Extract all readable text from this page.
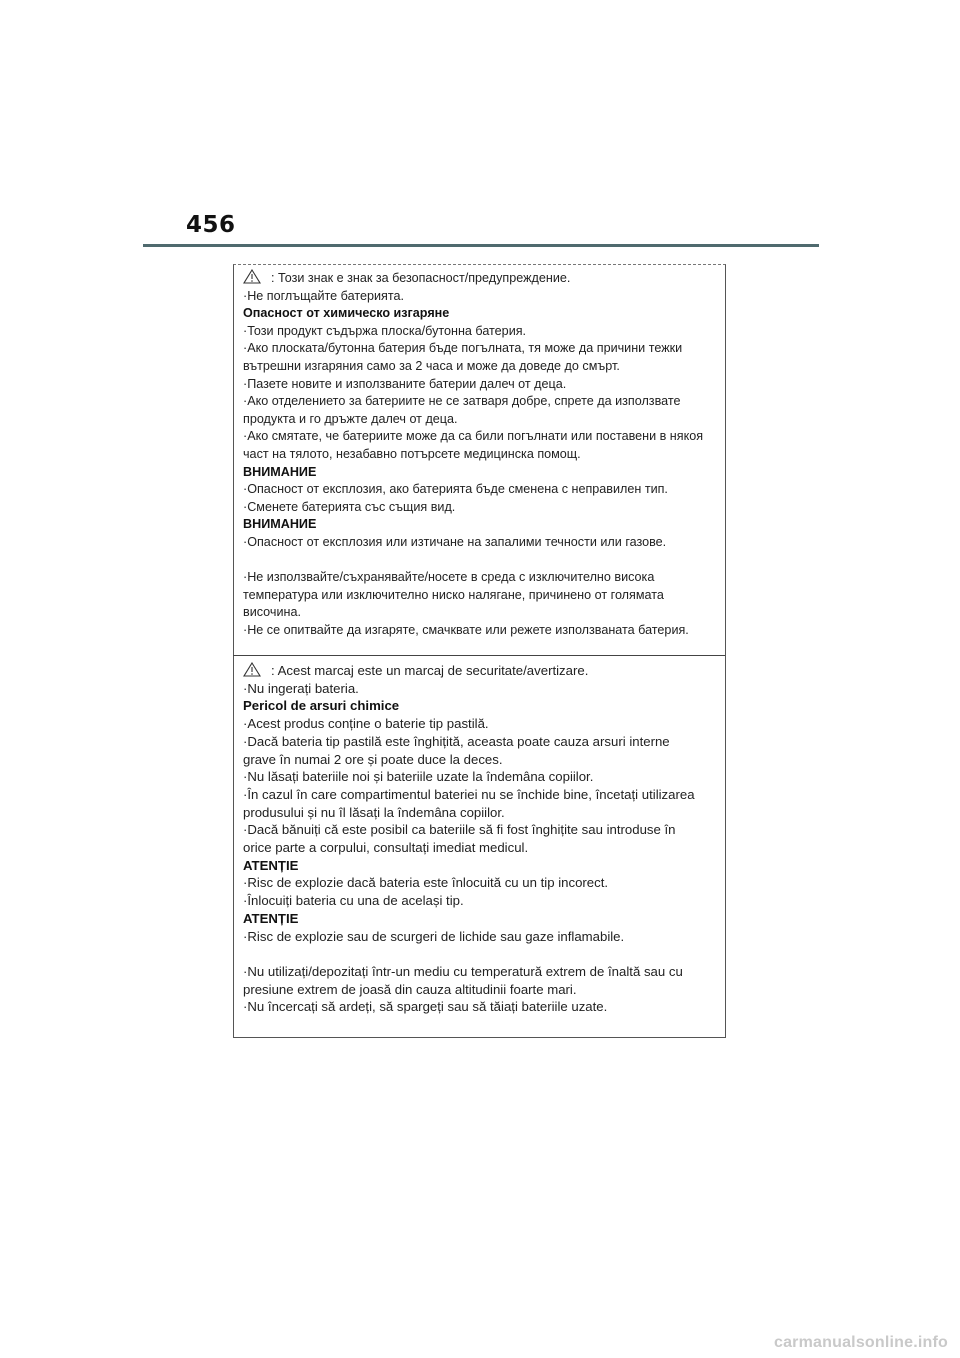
456
: Този знак е знак за безопасност/предупреждение.
·Не поглъщайте батерията.
Опасност от химическо изгаряне
·Този продукт съдържа плоска/бутонна батерия.
·Ако плоската/бутонна батерия бъде погълната, тя може да причини тежки
вътрешни изгаряния само за 2 часа и може да доведе до смърт.
·Пазете новите и използваните батерии далеч от деца.
·Ако отделението за батериите не се затваря добре, спрете да използвате
продукта и го дръжте далеч от деца.
·Ако смятате, че батериите може да са били погълнати или поставени в някоя
част на тялото, незабавно потърсете медицинска помощ.
ВНИМАНИЕ
·Опасност от експлозия, ако батерията бъде сменена с неправилен тип.
·Сменете батерията със същия вид.
ВНИМАНИЕ
·Опасност от експлозия или изтичане на запалими течности или газове.
·Не използвайте/съхранявайте/носете в среда с изключително висока
температура или изключително ниско налягане, причинено от голямата
височина.
·Не се опитвайте да изгаряте, смачквате или режете използваната батерия.
: Acest marcaj este un marcaj de securitate/avertizare.
·Nu ingerați bateria.
Pericol de arsuri chimice
·Acest produs conține o baterie tip pastilă.
·Dacă bateria tip pastilă este înghițită, aceasta poate cauza arsuri interne
grave în numai 2 ore și poate duce la deces.
·Nu lăsați bateriile noi și bateriile uzate la îndemâna copiilor.
·În cazul în care compartimentul bateriei nu se închide bine, încetați utilizarea
produsului și nu îl lăsați la îndemâna copiilor.
·Dacă bănuiți că este posibil ca bateriile să fi fost înghițite sau introduse în
orice parte a corpului, consultați imediat medicul.
ATENȚIE
·Risc de explozie dacă bateria este înlocuită cu un tip incorect.
·Înlocuiți bateria cu una de același tip.
ATENȚIE
·Risc de explozie sau de scurgeri de lichide sau gaze inflamabile.
·Nu utilizați/depozitați într-un mediu cu temperatură extrem de înaltă sau cu
presiune extrem de joasă din cauza altitudinii foarte mari.
·Nu încercați să ardeți, să spargeți sau să tăiați bateriile uzate.
carmanualsonline.info
